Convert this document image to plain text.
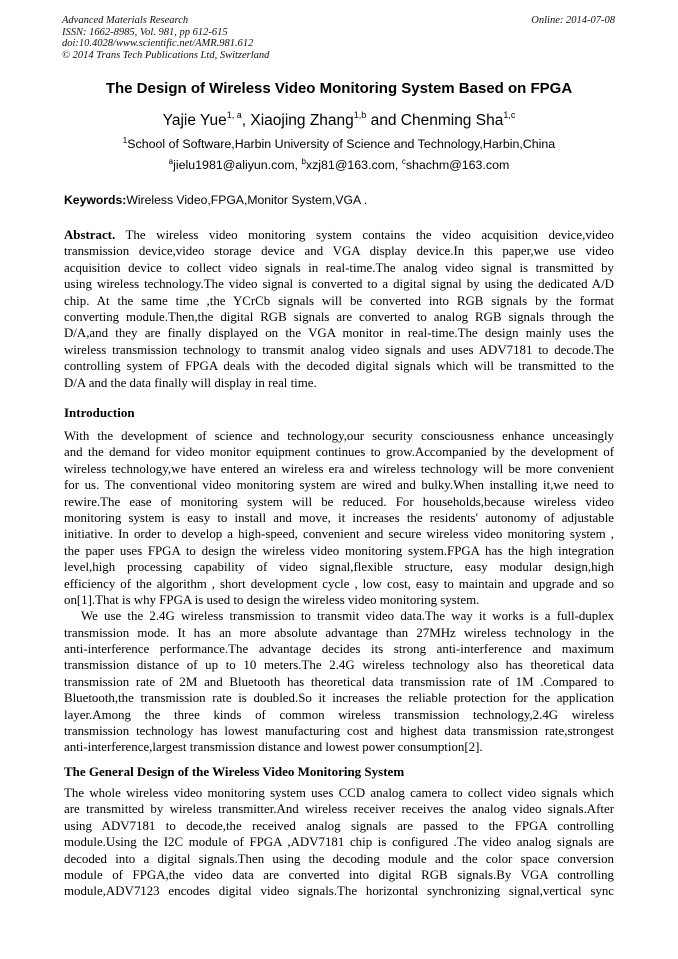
Advanced Materials Research
ISSN: 1662-8985, Vol. 981, pp 612-615
doi:10.4028/www.scientific.net/AMR.981.612
© 2014 Trans Tech Publications Ltd, Switzerland
Online: 2014-07-08
The Design of Wireless Video Monitoring System Based on FPGA
Yajie Yue$^{1, a}$, Xiaojing Zhang$^{1,b}$ and Chenming Sha$^{1,c}$
$^1$School of Software,Harbin University of Science and Technology,Harbin,China
$^a$jielu1981@aliyun.com, $^b$xzj81@163.com, $^c$shachm@163.com
Keywords:Wireless Video,FPGA,Monitor System,VGA .
Abstract. The wireless video monitoring system contains the video acquisition device,video
transmission device,video storage device and VGA display device.In this paper,we use video
acquisition device to collect video signals in real-time.The analog video signal is transmitted by
using wireless technology.The video signal is converted to a digital signal by using the dedicated A/D
chip. At the same time ,the YCrCb signals will be converted into RGB signals by the format
converting module.Then,the digital RGB signals are converted to analog RGB signals through the
D/A,and they are finally displayed on the VGA monitor in real-time.The design mainly uses the
wireless transmission technology to transmit analog video signals and uses ADV7181 to decode.The
controlling system of FPGA deals with the decoded digital signals which will be transmitted to the
D/A and the data finally will display in real time.
Introduction
With the development of science and technology,our security consciousness enhance unceasingly
and the demand for video monitor equipment continues to grow.Accompanied by the development of
wireless technology,we have entered an wireless era and wireless technology will be more convenient
for us. The conventional video monitoring system are wired and bulky.When installing it,we need to
rewire.The ease of monitoring system will be reduced. For households,because wireless video
monitoring system is easy to install and move, it increases the residents' autonomy of adjustable
initiative. In order to develop a high-speed, convenient and secure wireless video monitoring system ,
the paper uses FPGA to design the wireless video monitoring system.FPGA has the high integration
level,high processing capability of video signal,flexible structure, easy modular design,high
efficiency of the algorithm , short development cycle , low cost, easy to maintain and upgrade and so
on[1].That is why FPGA is used to design the wireless video monitoring system.
We use the 2.4G wireless transmission to transmit video data.The way it works is a full-duplex
transmission mode. It has an more absolute advantage than 27MHz wireless technology in the
anti-interference performance.The advantage decides its strong anti-interference and maximum
transmission distance of up to 10 meters.The 2.4G wireless technology also has theoretical data
transmission rate of 2M and Bluetooth has theoretical data transmission rate of 1M .Compared to
Bluetooth,the transmission rate is doubled.So it increases the reliable protection for the application
layer.Among the three kinds of common wireless transmission technology,2.4G wireless
transmission technology has lowest manufacturing cost and highest data transmission rate,strongest
anti-interference,largest transmission distance and lowest power consumption[2].
The General Design of the Wireless Video Monitoring System
The whole wireless video monitoring system uses CCD analog camera to collect video signals which
are transmitted by wireless transmitter.And wireless receiver receives the analog video signals.After
using ADV7181 to decode,the received analog signals are passed to the FPGA controlling
module.Using the I2C module of FPGA ,ADV7181 chip is configured .The video analog signals are
decoded into a digital signals.Then using the decoding module and the color space conversion
module of FPGA,the video data are converted into digital RGB signals.By VGA controlling
module,ADV7123 encodes digital video signals.The horizontal synchronizing signal,vertical sync
